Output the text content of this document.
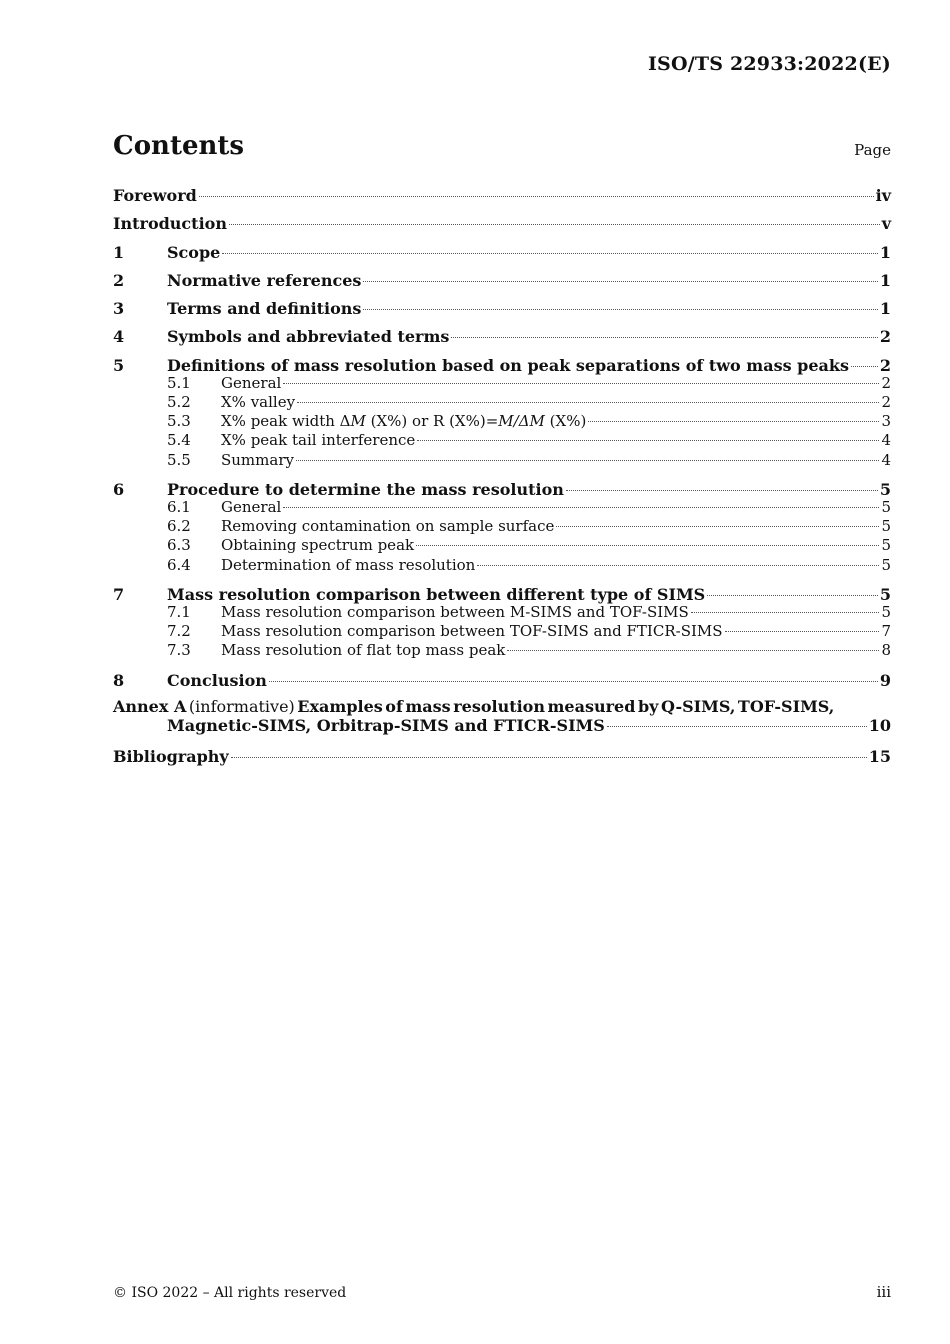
ISO/TS 22933:2022(E)
Contents	Page
Foreword	iv
Introduction	v
1	Scope	1
2	Normative references	1
3	Terms and definitions	1
4	Symbols and abbreviated terms	2
5	Definitions of mass resolution based on peak separations of two mass peaks 2
5.1	General	2
5.2	X% valley	2
5.3	X% peak width ΔM (X%) or R (X%)=M/ΔM (X%)	3
5.4	X% peak tail interference	4
5.5	Summary	4
6	Procedure to determine the mass resolution	5
6.1	General	5
6.2	Removing contamination on sample surface	5
6.3	Obtaining spectrum peak	5
6.4	Determination of mass resolution	5
7	Mass resolution comparison between different type of SIMS	5
7.1	Mass resolution comparison between M-SIMS and TOF-SIMS	5
7.2	Mass resolution comparison between TOF-SIMS and FTICR-SIMS	7
7.3	Mass resolution of flat top mass peak	8
8	Conclusion	9
Annex A (informative) Examples of mass resolution measured by Q-SIMS, TOF-SIMS,
Magnetic-SIMS, Orbitrap-SIMS and FTICR-SIMS	10
Bibliography	15
© ISO 2022 – All rights reserved	iii
